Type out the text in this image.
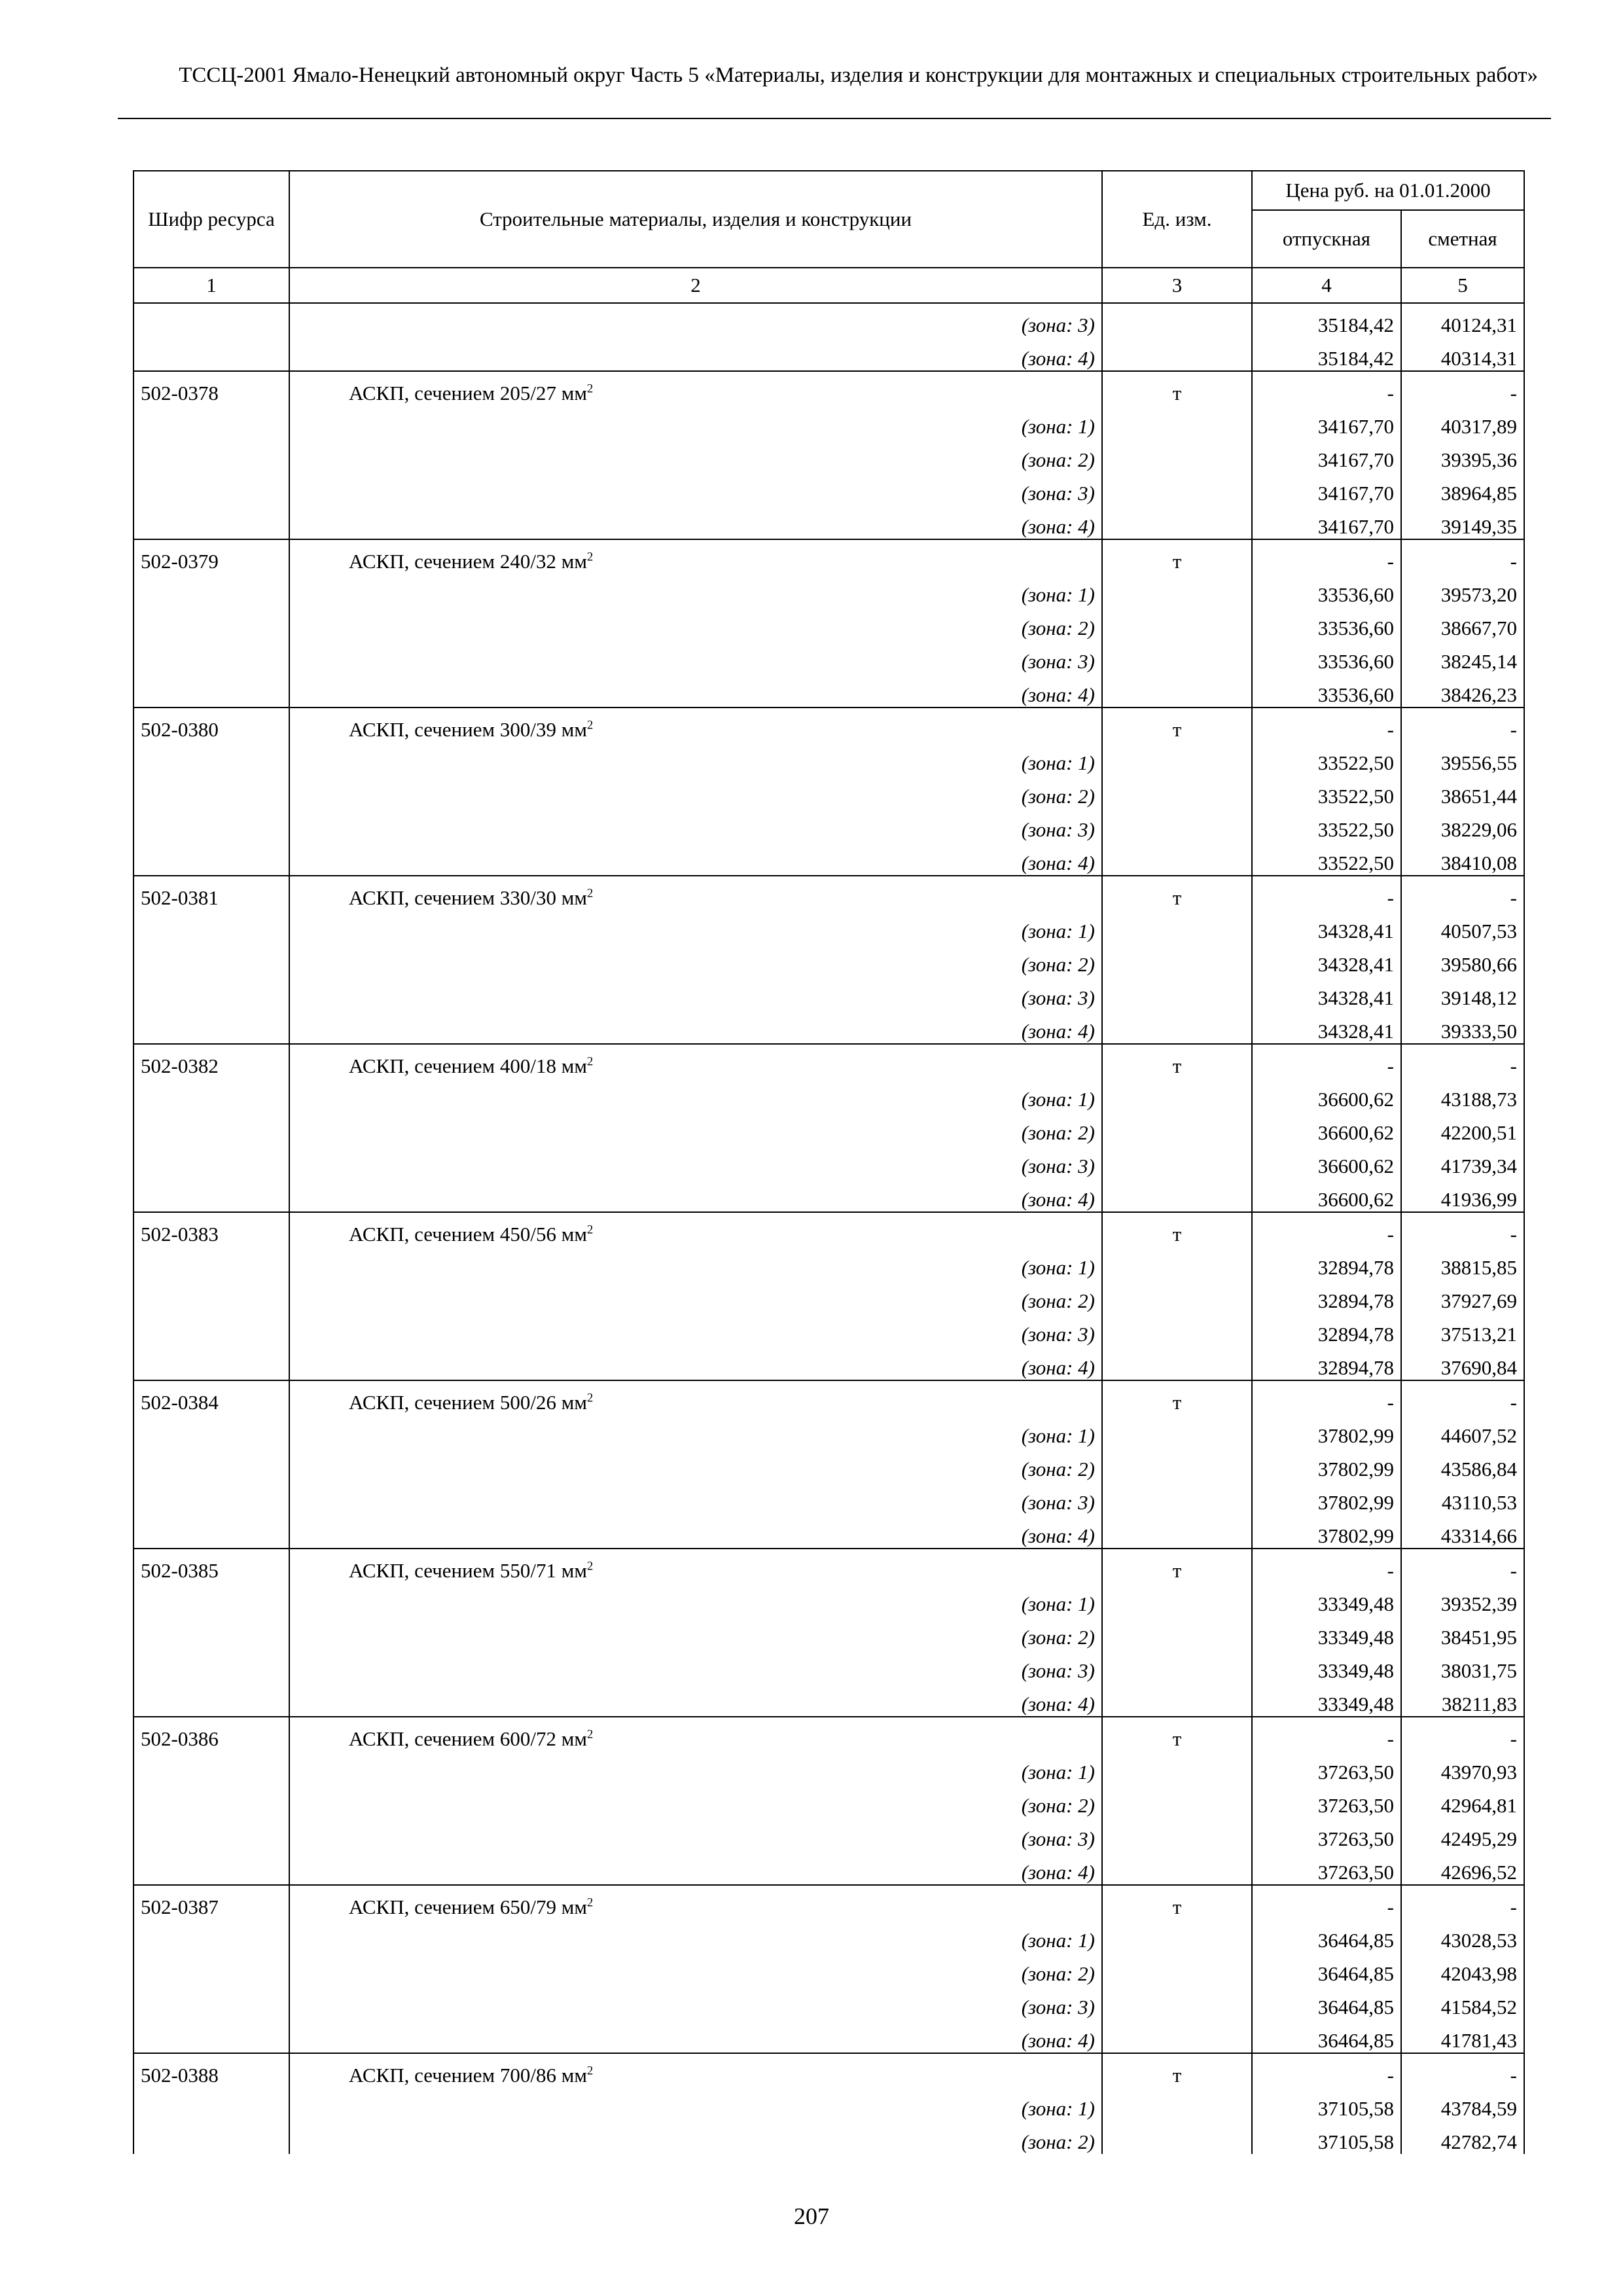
ТССЦ-2001 Ямало-Ненецкий автономный округ Часть 5 «Материалы, изделия и конструкции для монтажных и специальных строительных работ»
Шифр ресурса	Строительные материалы, изделия и конструкции	Ед. изм.	Цена руб. на 01.01.2000	
			отпускная	сметная
1	2	3	4	5
	(зона: 3)		35184,42	40124,31
	(зона: 4)		35184,42	40314,31
502-0378	АСКП, сечением 205/27 $мм^2$	т	-	-
	(зона: 1)		34167,70	40317,89
	(зона: 2)		34167,70	39395,36
	(зона: 3)		34167,70	38964,85
	(зона: 4)		34167,70	39149,35
502-0379	АСКП, сечением 240/32 $мм^2$	т	-	-
	(зона: 1)		33536,60	39573,20
	(зона: 2)		33536,60	38667,70
	(зона: 3)		33536,60	38245,14
	(зона: 4)		33536,60	38426,23
502-0380	АСКП, сечением 300/39 $мм^2$	т	-	-
	(зона: 1)		33522,50	39556,55
	(зона: 2)		33522,50	38651,44
	(зона: 3)		33522,50	38229,06
	(зона: 4)		33522,50	38410,08
502-0381	АСКП, сечением 330/30 $мм^2$	т	-	-
	(зона: 1)		34328,41	40507,53
	(зона: 2)		34328,41	39580,66
	(зона: 3)		34328,41	39148,12
	(зона: 4)		34328,41	39333,50
502-0382	АСКП, сечением 400/18 $мм^2$	т	-	-
	(зона: 1)		36600,62	43188,73
	(зона: 2)		36600,62	42200,51
	(зона: 3)		36600,62	41739,34
	(зона: 4)		36600,62	41936,99
502-0383	АСКП, сечением 450/56 $мм^2$	т	-	-
	(зона: 1)		32894,78	38815,85
	(зона: 2)		32894,78	37927,69
	(зона: 3)		32894,78	37513,21
	(зона: 4)		32894,78	37690,84
502-0384	АСКП, сечением 500/26 $мм^2$	т	-	-
	(зона: 1)		37802,99	44607,52
	(зона: 2)		37802,99	43586,84
	(зона: 3)		37802,99	43110,53
	(зона: 4)		37802,99	43314,66
502-0385	АСКП, сечением 550/71 $мм^2$	т	-	-
	(зона: 1)		33349,48	39352,39
	(зона: 2)		33349,48	38451,95
	(зона: 3)		33349,48	38031,75
	(зона: 4)		33349,48	38211,83
502-0386	АСКП, сечением 600/72 $мм^2$	т	-	-
	(зона: 1)		37263,50	43970,93
	(зона: 2)		37263,50	42964,81
	(зона: 3)		37263,50	42495,29
	(зона: 4)		37263,50	42696,52
502-0387	АСКП, сечением 650/79 $мм^2$	т	-	-
	(зона: 1)		36464,85	43028,53
	(зона: 2)		36464,85	42043,98
	(зона: 3)		36464,85	41584,52
	(зона: 4)		36464,85	41781,43
502-0388	АСКП, сечением 700/86 $мм^2$	т	-	-
	(зона: 1)		37105,58	43784,59
	(зона: 2)		37105,58	42782,74
207
